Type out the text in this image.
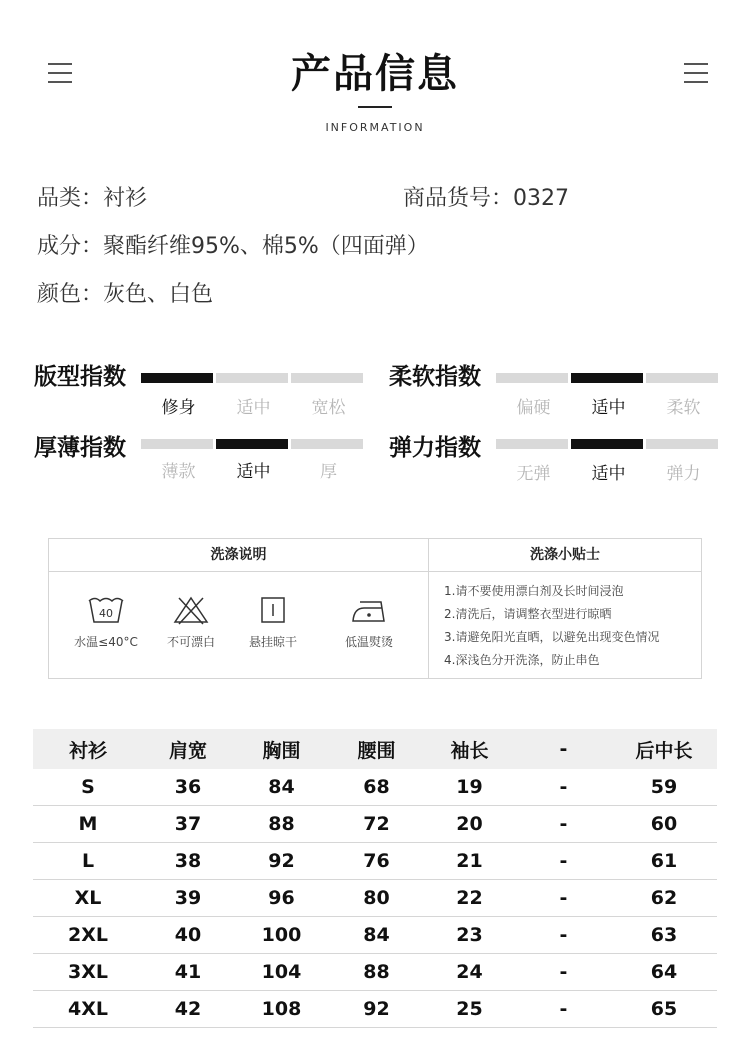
产品信息
INFORMATION
品类：衬衫	商品货号：0327
成分：聚酯纤维95%、棉5%（四面弹）
颜色：灰色、白色
版型指数
修身	适中	宽松
柔软指数
偏硬	适中	柔软
厚薄指数
薄款	适中	厚
弹力指数
无弹	适中	弹力
洗涤说明	洗涤小贴士
40
水温≤40°C	不可漂白	悬挂晾干	低温熨烫
1.请不要使用漂白剂及长时间浸泡
2.清洗后，请调整衣型进行晾晒
3.请避免阳光直晒，以避免出现变色情况
4.深浅色分开洗涤，防止串色
衬衫	肩宽	胸围	腰围	袖长	-	后中长
S	36	84	68	19	-	59
M	37	88	72	20	-	60
L	38	92	76	21	-	61
XL	39	96	80	22	-	62
2XL	40	100	84	23	-	63
3XL	41	104	88	24	-	64
4XL	42	108	92	25	-	65
